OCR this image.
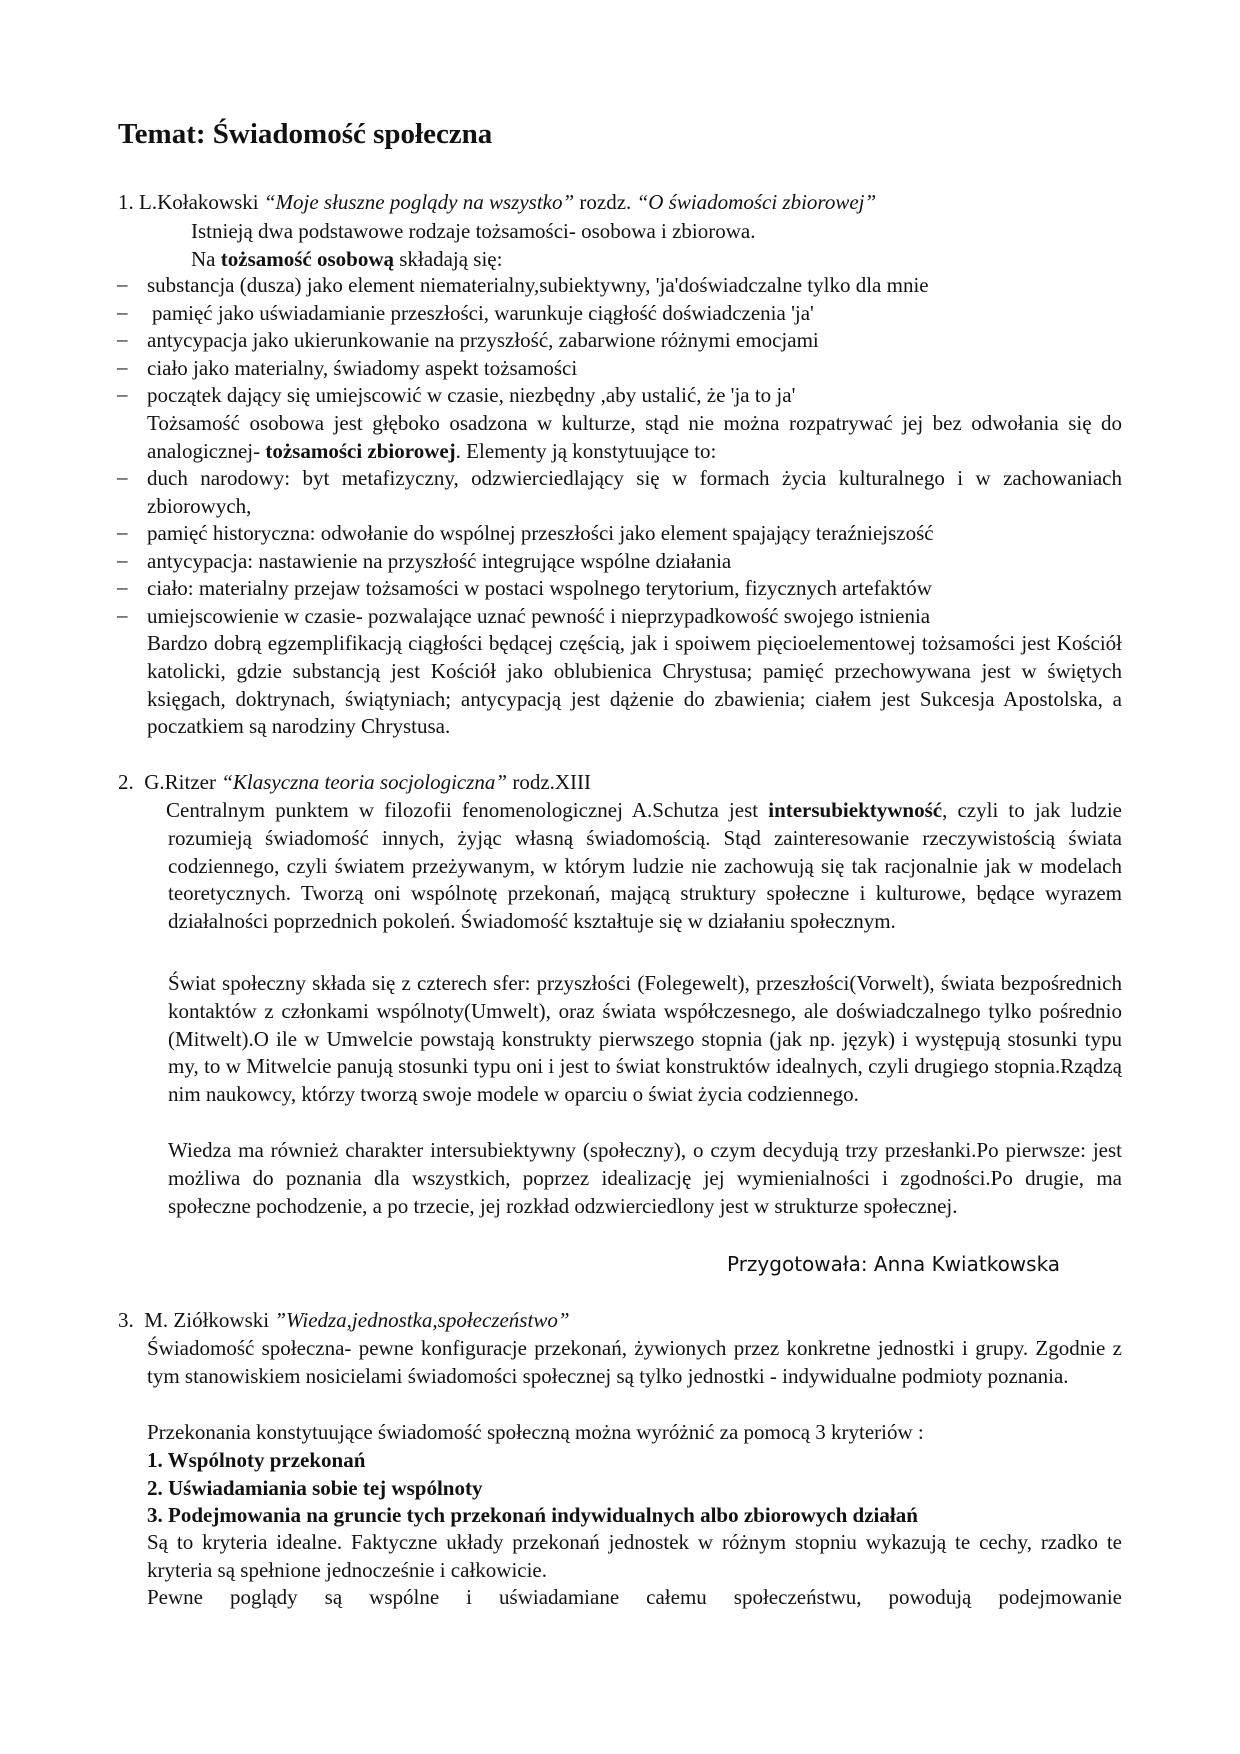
Temat: Świadomość społeczna
1. L.Kołakowski “Moje słuszne poglądy na wszystko” rozdz. “O świadomości zbiorowej”
Istnieją dwa podstawowe rodzaje tożsamości- osobowa i zbiorowa.
Na tożsamość osobową składają się:
– substancja (dusza) jako element niematerialny,subiektywny, 'ja'doświadczalne tylko dla mnie
– pamięć jako uświadamianie przeszłości, warunkuje ciągłość doświadczenia 'ja'
– antycypacja jako ukierunkowanie na przyszłość, zabarwione różnymi emocjami
– ciało jako materialny, świadomy aspekt tożsamości
– początek dający się umiejscowić w czasie, niezbędny ,aby ustalić, że 'ja to ja'
Tożsamość osobowa jest głęboko osadzona w kulturze, stąd nie można rozpatrywać jej bez odwołania się do analogicznej- tożsamości zbiorowej. Elementy ją konstytuujące to:
– duch narodowy: byt metafizyczny, odzwierciedlający się w formach życia kulturalnego i w zachowaniach zbiorowych,
– pamięć historyczna: odwołanie do wspólnej przeszłości jako element spajający teraźniejszość
– antycypacja: nastawienie na przyszłość integrujące wspólne działania
– ciało: materialny przejaw tożsamości w postaci wspolnego terytorium, fizycznych artefaktów
– umiejscowienie w czasie- pozwalające uznać pewność i nieprzypadkowość swojego istnienia
Bardzo dobrą egzemplifikacją ciągłości będącej częścią, jak i spoiwem pięcioelementowej tożsamości jest Kościół katolicki, gdzie substancją jest Kościół jako oblubienica Chrystusa; pamięć przechowywana jest w świętych księgach, doktrynach, świątyniach; antycypacją jest dążenie do zbawienia; ciałem jest Sukcesja Apostolska, a poczatkiem są narodziny Chrystusa.
2. G.Ritzer “Klasyczna teoria socjologiczna” rodz.XIII
Centralnym punktem w filozofii fenomenologicznej A.Schutza jest intersubiektywność, czyli to jak ludzie rozumieją świadomość innych, żyjąc własną świadomością. Stąd zainteresowanie rzeczywistością świata codziennego, czyli światem przeżywanym, w którym ludzie nie zachowują się tak racjonalnie jak w modelach teoretycznych. Tworzą oni wspólnotę przekonań, mającą struktury społeczne i kulturowe, będące wyrazem działalności poprzednich pokoleń. Świadomość kształtuje się w działaniu społecznym.
Świat społeczny składa się z czterech sfer: przyszłości (Folegewelt), przeszłości(Vorwelt), świata bezpośrednich kontaktów z członkami wspólnoty(Umwelt), oraz świata współczesnego, ale doświadczalnego tylko pośrednio (Mitwelt).O ile w Umwelcie powstają konstrukty pierwszego stopnia (jak np. język) i występują stosunki typu my, to w Mitwelcie panują stosunki typu oni i jest to świat konstruktów idealnych, czyli drugiego stopnia.Rządzą nim naukowcy, którzy tworzą swoje modele w oparciu o świat życia codziennego.
Wiedza ma również charakter intersubiektywny (społeczny), o czym decydują trzy przesłanki.Po pierwsze: jest możliwa do poznania dla wszystkich, poprzez idealizację jej wymienialności i zgodności.Po drugie, ma społeczne pochodzenie, a po trzecie, jej rozkład odzwierciedlony jest w strukturze społecznej.
Przygotowała: Anna Kwiatkowska
3. M. Ziółkowski ”Wiedza,jednostka,społeczeństwo”
Świadomość społeczna- pewne konfiguracje przekonań, żywionych przez konkretne jednostki i grupy. Zgodnie z tym stanowiskiem nosicielami świadomości społecznej są tylko jednostki - indywidualne podmioty poznania.
Przekonania konstytuujące świadomość społeczną można wyróżnić za pomocą 3 kryteriów :
1. Wspólnoty przekonań
2. Uświadamiania sobie tej wspólnoty
3. Podejmowania na gruncie tych przekonań indywidualnych albo zbiorowych działań
Są to kryteria idealne. Faktyczne układy przekonań jednostek w różnym stopniu wykazują te cechy, rzadko te kryteria są spełnione jednocześnie i całkowicie.
Pewne poglądy są wspólne i uświadamiane całemu społeczeństwu, powodują podejmowanie
